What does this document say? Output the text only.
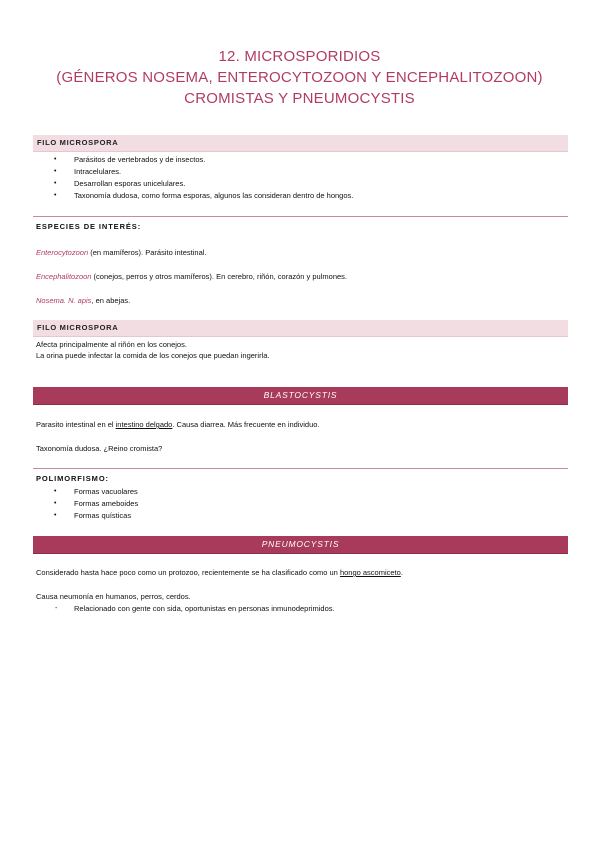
12. MICROSPORIDIOS
(GÉNEROS NOSEMA, ENTEROCYTOZOON Y ENCEPHALITOZOON)
CROMISTAS Y PNEUMOCYSTIS
FILO MICROSPORA
• Parásitos de vertebrados y de insectos.
• Intracelulares.
• Desarrollan esporas unicelulares.
• Taxonomía dudosa, como forma esporas, algunos las consideran dentro de hongos.
ESPECIES DE INTERÉS:
Enterocytozoon (en mamíferos). Parásito intestinal.
Encephalitozoon (conejos, perros y otros mamíferos). En cerebro, riñón, corazón y pulmones.
Nosema. N. apis, en abejas.
FILO MICROSPORA
Afecta principalmente al riñón en los conejos.
La orina puede infectar la comida de los conejos que puedan ingerirla.
BLASTOCYSTIS
Parasito intestinal en el intestino delgado. Causa diarrea. Más frecuente en individuo.
Taxonomía dudosa. ¿Reino cromista?
POLIMORFISMO:
• Formas vacuolares
• Formas ameboides
• Formas quísticas
PNEUMOCYSTIS
Considerado hasta hace poco como un protozoo, recientemente se ha clasificado como un hongo ascomiceto.
Causa neumonía en humanos, perros, cerdos.
- Relacionado con gente con sida, oportunistas en personas inmunodeprimidos.
